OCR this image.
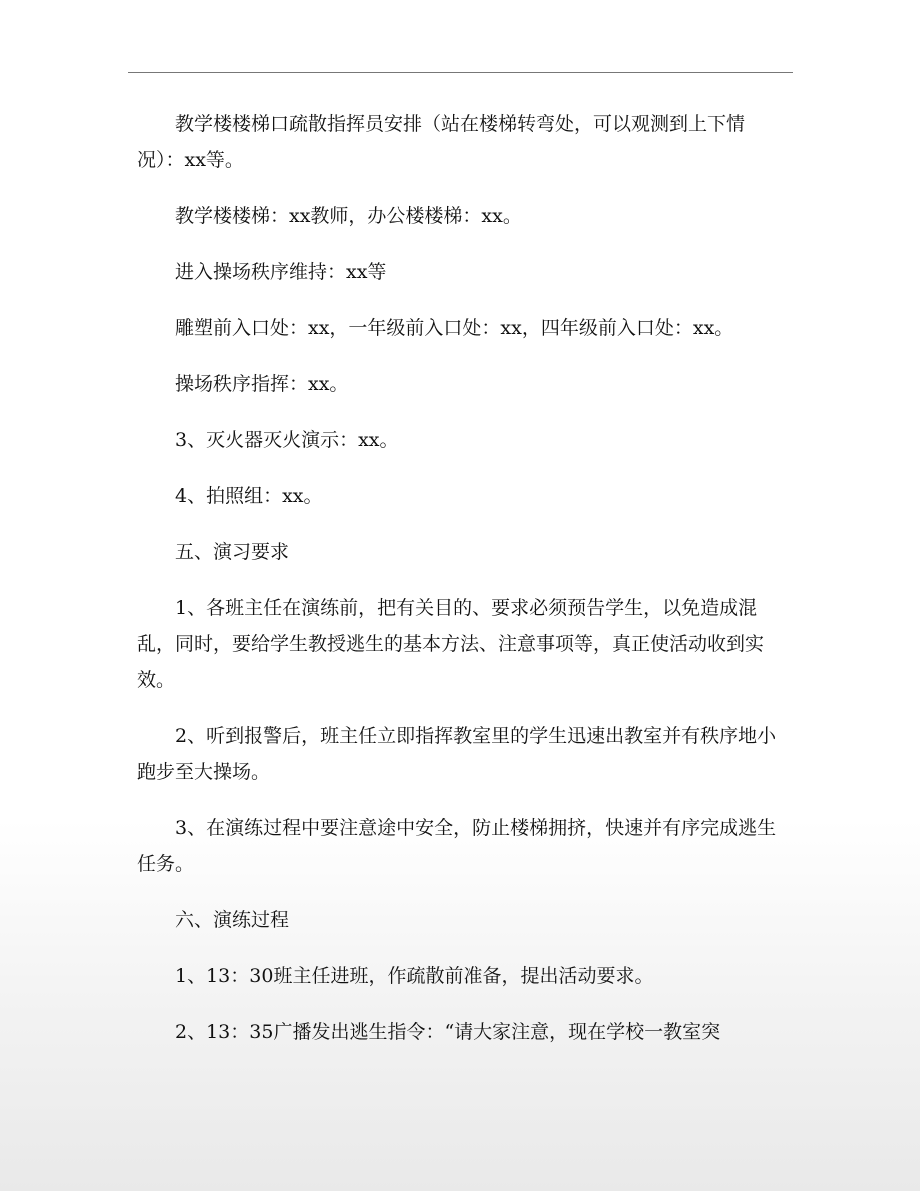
教学楼楼梯口疏散指挥员安排（站在楼梯转弯处，可以观测到上下情况）：xx等。

教学楼楼梯：xx教师，办公楼楼梯：xx。

进入操场秩序维持：xx等

雕塑前入口处：xx，一年级前入口处：xx，四年级前入口处：xx。

操场秩序指挥：xx。

3、灭火器灭火演示：xx。

4、拍照组：xx。

五、演习要求

1、各班主任在演练前，把有关目的、要求必须预告学生，以免造成混乱，同时，要给学生教授逃生的基本方法、注意事项等，真正使活动收到实效。

2、听到报警后，班主任立即指挥教室里的学生迅速出教室并有秩序地小跑步至大操场。

3、在演练过程中要注意途中安全，防止楼梯拥挤，快速并有序完成逃生任务。

六、演练过程

1、13：30班主任进班，作疏散前准备，提出活动要求。

2、13：35广播发出逃生指令：“请大家注意，现在学校一教室突
